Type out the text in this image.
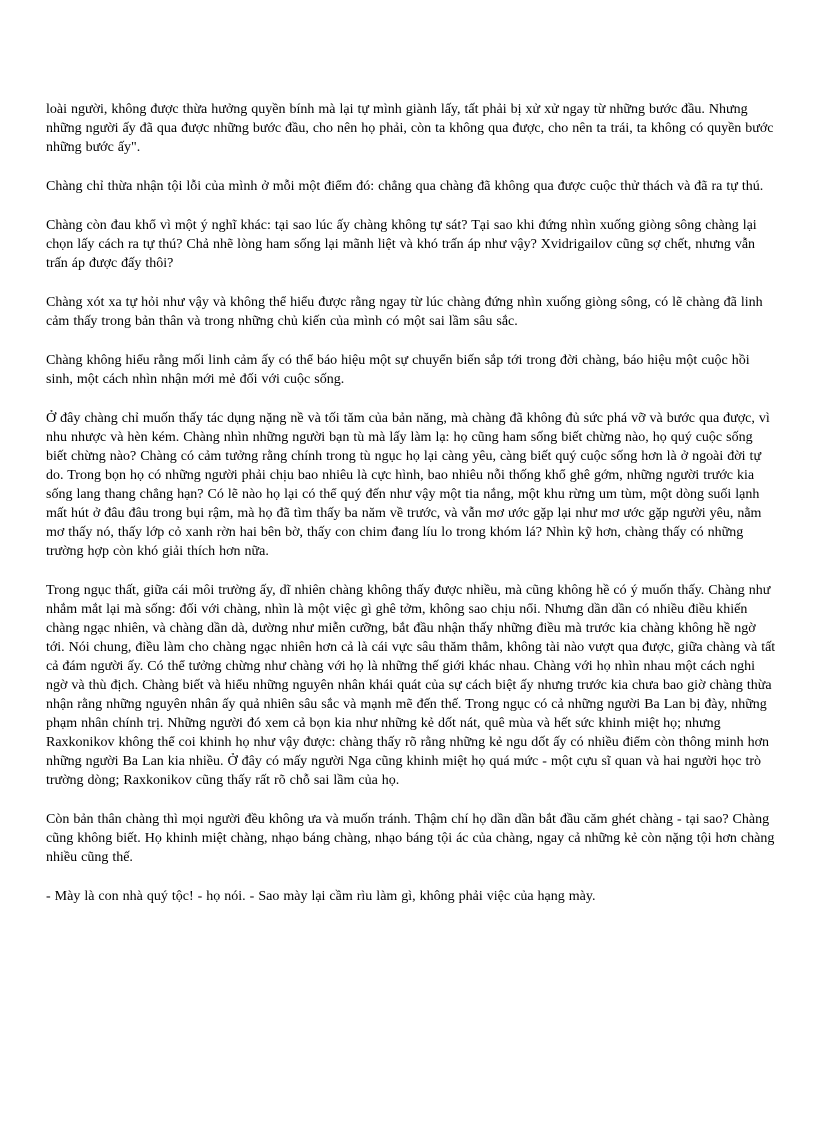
loài người, không được thừa hưởng quyền bính mà lại tự mình giành lấy, tất phải bị xử xử ngay từ những bước đầu. Nhưng những người ấy đã qua được những bước đầu, cho nên họ phải, còn ta không qua được, cho nên ta trái, ta không có quyền bước những bước ấy".

Chàng chỉ thừa nhận tội lỗi của mình ở mỗi một điểm đó: chẳng qua chàng đã không qua được cuộc thử thách và đã ra tự thú.

Chàng còn đau khổ vì một ý nghĩ khác: tại sao lúc ấy chàng không tự sát? Tại sao khi đứng nhìn xuống giòng sông chàng lại chọn lấy cách ra tự thú? Chả nhẽ lòng ham sống lại mãnh liệt và khó trấn áp như vậy? Xvidrigailov cũng sợ chết, nhưng vẫn trấn áp được đấy thôi?

Chàng xót xa tự hỏi như vậy và không thể hiểu được rằng ngay từ lúc chàng đứng nhìn xuống giòng sông, có lẽ chàng đã linh cảm thấy trong bản thân và trong những chủ kiến của mình có một sai lầm sâu sắc.

Chàng không hiểu rằng mối linh cảm ấy có thể báo hiệu một sự chuyển biến sắp tới trong đời chàng, báo hiệu một cuộc hồi sinh, một cách nhìn nhận mới mẻ đối với cuộc sống.

Ở đây chàng chỉ muốn thấy tác dụng nặng nề và tối tăm của bản năng, mà chàng đã không đủ sức phá vỡ và bước qua được, vì nhu nhược và hèn kém. Chàng nhìn những người bạn tù mà lấy làm lạ: họ cũng ham sống biết chừng nào, họ quý cuộc sống biết chừng nào? Chàng có cảm tưởng rằng chính trong tù ngục họ lại càng yêu, càng biết quý cuộc sống hơn là ở ngoài đời tự do. Trong bọn họ có những người phải chịu bao nhiêu là cực hình, bao nhiêu nỗi thống khổ ghê gớm, những người trước kia sống lang thang chẳng hạn? Có lẽ nào họ lại có thể quý đến như vậy một tia nắng, một khu rừng um tùm, một dòng suối lạnh mất hút ở đâu đâu trong bụi rậm, mà họ đã tìm thấy ba năm về trước, và vẫn mơ ước gặp lại như mơ ước gặp người yêu, nằm mơ thấy nó, thấy lớp cỏ xanh rờn hai bên bờ, thấy con chim đang líu lo trong khóm lá? Nhìn kỹ hơn, chàng thấy có những trường hợp còn khó giải thích hơn nữa.

Trong ngục thất, giữa cái môi trường ấy, dĩ nhiên chàng không thấy được nhiều, mà cũng không hề có ý muốn thấy. Chàng như nhắm mắt lại mà sống: đối với chàng, nhìn là một việc gì ghê tởm, không sao chịu nổi. Nhưng dần dần có nhiều điều khiến chàng ngạc nhiên, và chàng dần dà, dường như miễn cưỡng, bắt đầu nhận thấy những điều mà trước kia chàng không hề ngờ tới. Nói chung, điều làm cho chàng ngạc nhiên hơn cả là cái vực sâu thăm thẳm, không tài nào vượt qua được, giữa chàng và tất cả đám người ấy. Có thể tưởng chừng như chàng với họ là những thế giới khác nhau. Chàng với họ nhìn nhau một cách nghi ngờ và thù địch. Chàng biết và hiểu những nguyên nhân khái quát của sự cách biệt ấy nhưng trước kia chưa bao giờ chàng thừa nhận rằng những nguyên nhân ấy quả nhiên sâu sắc và mạnh mẽ đến thế. Trong ngục có cả những người Ba Lan bị đày, những phạm nhân chính trị. Những người đó xem cả bọn kia như những kẻ dốt nát, quê mùa và hết sức khinh miệt họ; nhưng Raxkonikov không thể coi khinh họ như vậy được: chàng thấy rõ rằng những kẻ ngu dốt ấy có nhiều điểm còn thông minh hơn những người Ba Lan kia nhiều. Ở đây có mấy người Nga cũng khinh miệt họ quá mức - một cựu sĩ quan và hai người học trò trường dòng; Raxkonikov cũng thấy rất rõ chỗ sai lầm của họ.

Còn bản thân chàng thì mọi người đều không ưa và muốn tránh. Thậm chí họ dần dần bắt đầu căm ghét chàng - tại sao? Chàng cũng không biết. Họ khinh miệt chàng, nhạo báng chàng, nhạo báng tội ác của chàng, ngay cả những kẻ còn nặng tội hơn chàng nhiều cũng thế.

- Mày là con nhà quý tộc! - họ nói. - Sao mày lại cầm rìu làm gì, không phải việc của hạng mày.
